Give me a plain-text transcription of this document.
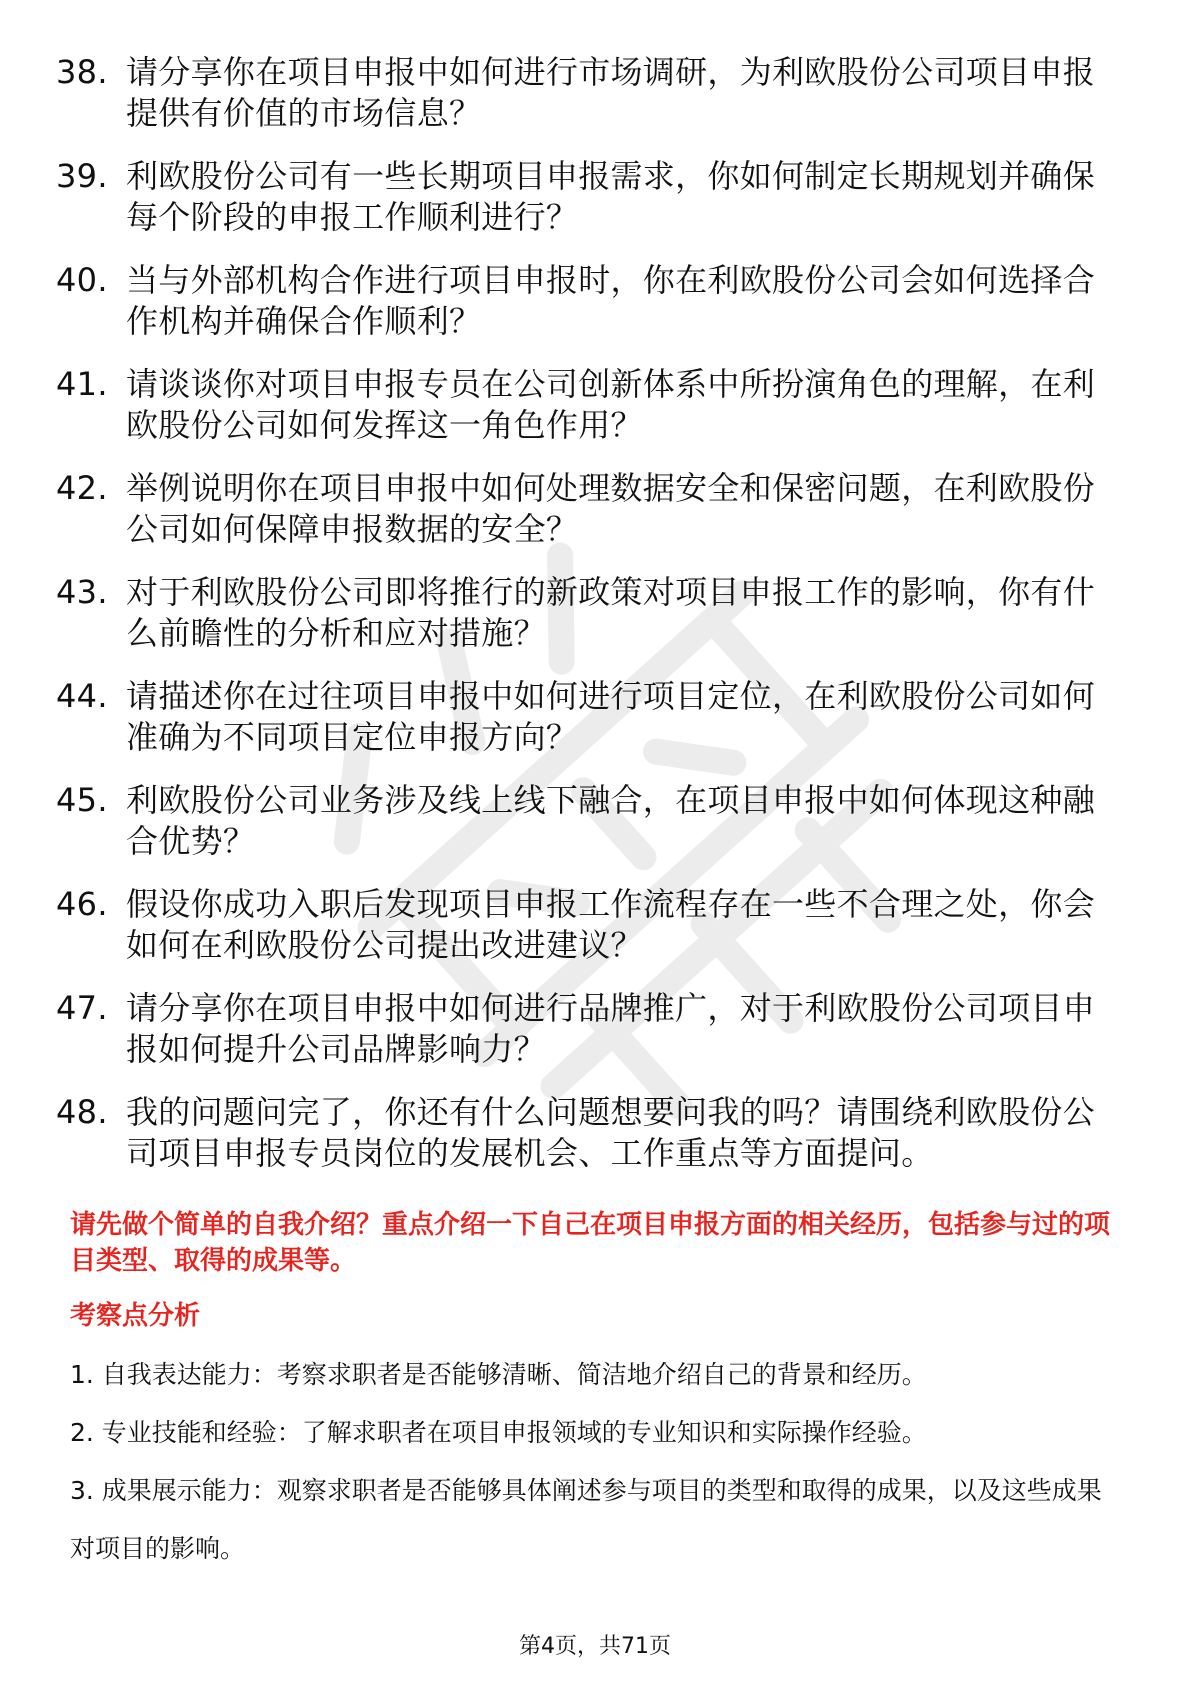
38. 请分享你在项目申报中如何进行市场调研，为利欧股份公司项目申报提供有价值的市场信息？
39. 利欧股份公司有一些长期项目申报需求，你如何制定长期规划并确保每个阶段的申报工作顺利进行？
40. 当与外部机构合作进行项目申报时，你在利欧股份公司会如何选择合作机构并确保合作顺利？
41. 请谈谈你对项目申报专员在公司创新体系中所扮演角色的理解，在利欧股份公司如何发挥这一角色作用？
42. 举例说明你在项目申报中如何处理数据安全和保密问题，在利欧股份公司如何保障申报数据的安全？
43. 对于利欧股份公司即将推行的新政策对项目申报工作的影响，你有什么前瞻性的分析和应对措施？
44. 请描述你在过往项目申报中如何进行项目定位，在利欧股份公司如何准确为不同项目定位申报方向？
45. 利欧股份公司业务涉及线上线下融合，在项目申报中如何体现这种融合优势？
46. 假设你成功入职后发现项目申报工作流程存在一些不合理之处，你会如何在利欧股份公司提出改进建议？
47. 请分享你在项目申报中如何进行品牌推广，对于利欧股份公司项目申报如何提升公司品牌影响力？
48. 我的问题问完了，你还有什么问题想要问我的吗？请围绕利欧股份公司项目申报专员岗位的发展机会、工作重点等方面提问。
请先做个简单的自我介绍？重点介绍一下自己在项目申报方面的相关经历，包括参与过的项目类型、取得的成果等。
考察点分析
1. 自我表达能力：考察求职者是否能够清晰、简洁地介绍自己的背景和经历。
2. 专业技能和经验：了解求职者在项目申报领域的专业知识和实际操作经验。
3. 成果展示能力：观察求职者是否能够具体阐述参与项目的类型和取得的成果，以及这些成果对项目的影响。
第4页，共71页
